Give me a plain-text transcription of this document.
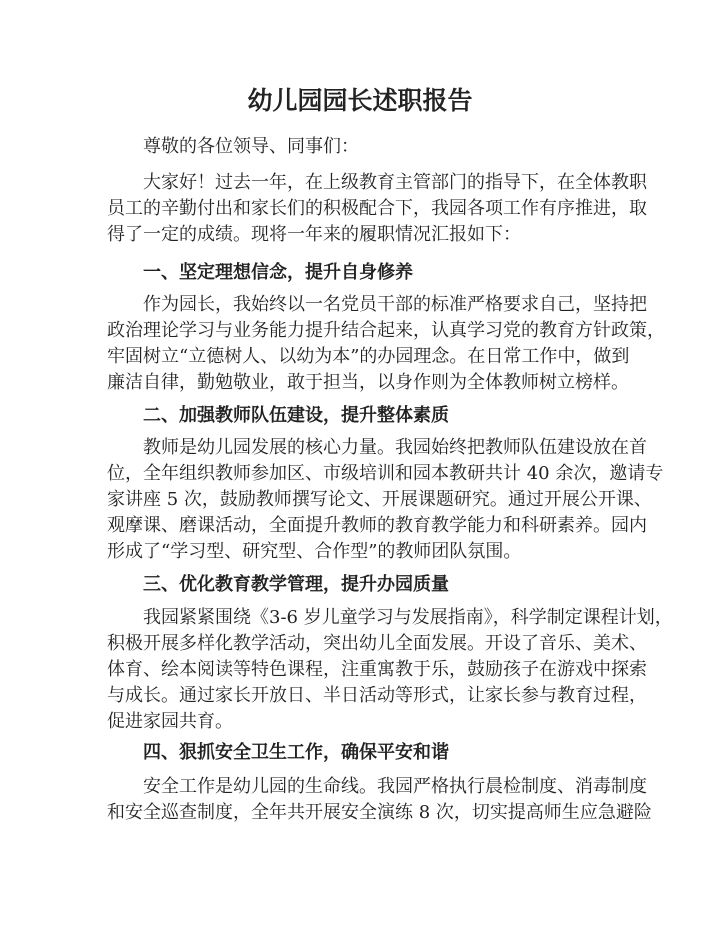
幼儿园园长述职报告
尊敬的各位领导、同事们：
大家好！过去一年，在上级教育主管部门的指导下，在全体教职
员工的辛勤付出和家长们的积极配合下，我园各项工作有序推进，取
得了一定的成绩。现将一年来的履职情况汇报如下：
一、坚定理想信念，提升自身修养
作为园长，我始终以一名党员干部的标准严格要求自己，坚持把
政治理论学习与业务能力提升结合起来，认真学习党的教育方针政策，
牢固树立“立德树人、以幼为本”的办园理念。在日常工作中，做到
廉洁自律，勤勉敬业，敢于担当，以身作则为全体教师树立榜样。
二、加强教师队伍建设，提升整体素质
教师是幼儿园发展的核心力量。我园始终把教师队伍建设放在首
位，全年组织教师参加区、市级培训和园本教研共计 40 余次，邀请专
家讲座 5 次，鼓励教师撰写论文、开展课题研究。通过开展公开课、
观摩课、磨课活动，全面提升教师的教育教学能力和科研素养。园内
形成了“学习型、研究型、合作型”的教师团队氛围。
三、优化教育教学管理，提升办园质量
我园紧紧围绕《3-6 岁儿童学习与发展指南》，科学制定课程计划，
积极开展多样化教学活动，突出幼儿全面发展。开设了音乐、美术、
体育、绘本阅读等特色课程，注重寓教于乐，鼓励孩子在游戏中探索
与成长。通过家长开放日、半日活动等形式，让家长参与教育过程，
促进家园共育。
四、狠抓安全卫生工作，确保平安和谐
安全工作是幼儿园的生命线。我园严格执行晨检制度、消毒制度
和安全巡查制度，全年共开展安全演练 8 次，切实提高师生应急避险
